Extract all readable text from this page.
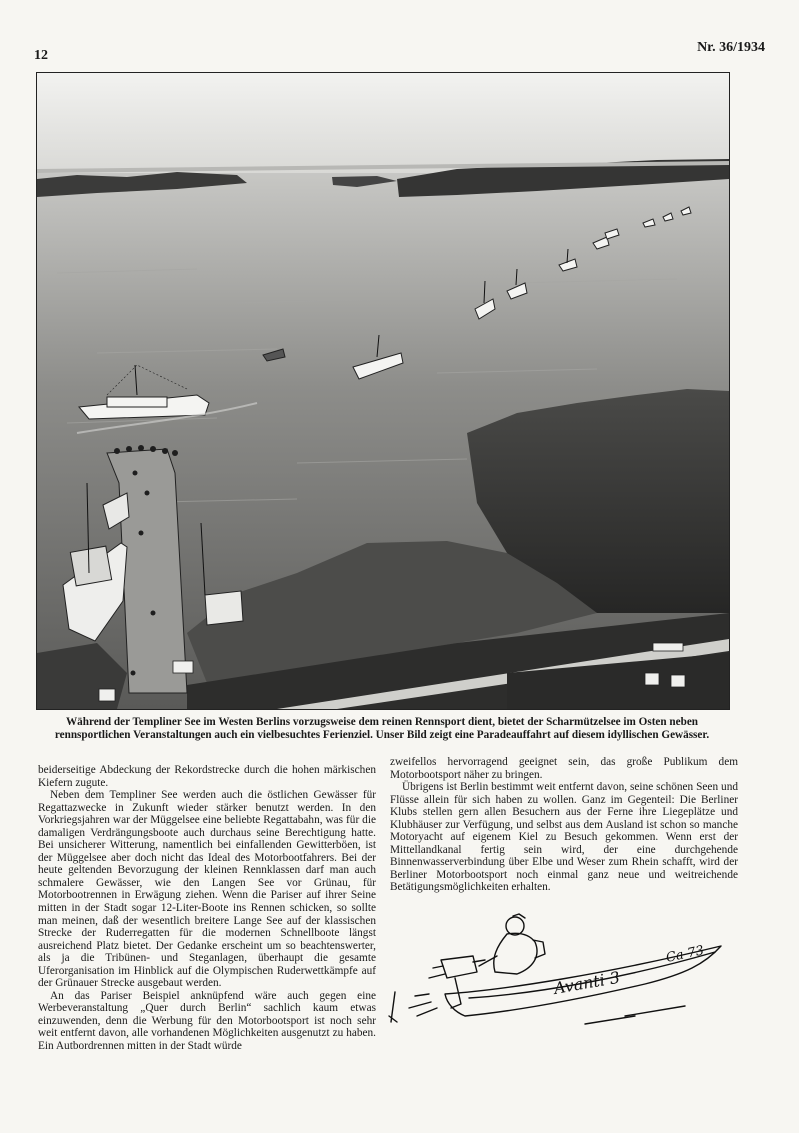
12
Nr. 36/1934
Während der Templiner See im Westen Berlins vorzugsweise dem reinen Rennsport dient, bietet der Scharmützelsee im Osten neben rennsportlichen Veranstaltungen auch ein vielbesuchtes Ferienziel. Unser Bild zeigt eine Paradeauffahrt auf diesem idyllischen Gewässer.

beiderseitige Abdeckung der Rekordstrecke durch die hohen märkischen Kiefern zugute.

Neben dem Templiner See werden auch die östlichen Gewässer für Regattazwecke in Zukunft wieder stärker benutzt werden. In den Vorkriegsjahren war der Müggelsee eine beliebte Regattabahn, was für die damaligen Verdrängungsboote auch durchaus seine Berechtigung hatte. Bei unsicherer Witterung, namentlich bei einfallenden Gewitterböen, ist der Müggelsee aber doch nicht das Ideal des Motorbootfahrers. Bei der heute geltenden Bevorzugung der kleinen Rennklassen darf man auch schmalere Gewässer, wie den Langen See vor Grünau, für Motorbootrennen in Erwägung ziehen. Wenn die Pariser auf ihrer Seine mitten in der Stadt sogar 12-Liter-Boote ins Rennen schicken, so sollte man meinen, daß der wesentlich breitere Lange See auf der klassischen Strecke der Ruderregatten für die modernen Schnellboote längst ausreichend Platz bietet. Der Gedanke erscheint um so beachtenswerter, als ja die Tribünen- und Steganlagen, überhaupt die gesamte Uferorganisation im Hinblick auf die Olympischen Ruderwettkämpfe auf der Grünauer Strecke ausgebaut werden.

An das Pariser Beispiel anknüpfend wäre auch gegen eine Werbeveranstaltung „Quer durch Berlin“ sachlich kaum etwas einzuwenden, denn die Werbung für den Motorbootsport ist noch sehr weit entfernt davon, alle vorhandenen Möglichkeiten ausgenutzt zu haben. Ein Autbordrennen mitten in der Stadt würde

zweifellos hervorragend geeignet sein, das große Publikum dem Motorbootsport näher zu bringen.

Übrigens ist Berlin bestimmt weit entfernt davon, seine schönen Seen und Flüsse allein für sich haben zu wollen. Ganz im Gegenteil: Die Berliner Klubs stellen gern allen Besuchern aus der Ferne ihre Liegeplätze und Klubhäuser zur Verfügung, und selbst aus dem Ausland ist schon so manche Motoryacht auf eigenem Kiel zu Besuch gekommen. Wenn erst der Mittellandkanal fertig sein wird, der eine durchgehende Binnenwasserverbindung über Elbe und Weser zum Rhein schafft, wird der Berliner Motorbootsport noch einmal ganz neue und weitreichende Betätigungsmöglichkeiten erhalten.

Avanti 3
Ca 73
